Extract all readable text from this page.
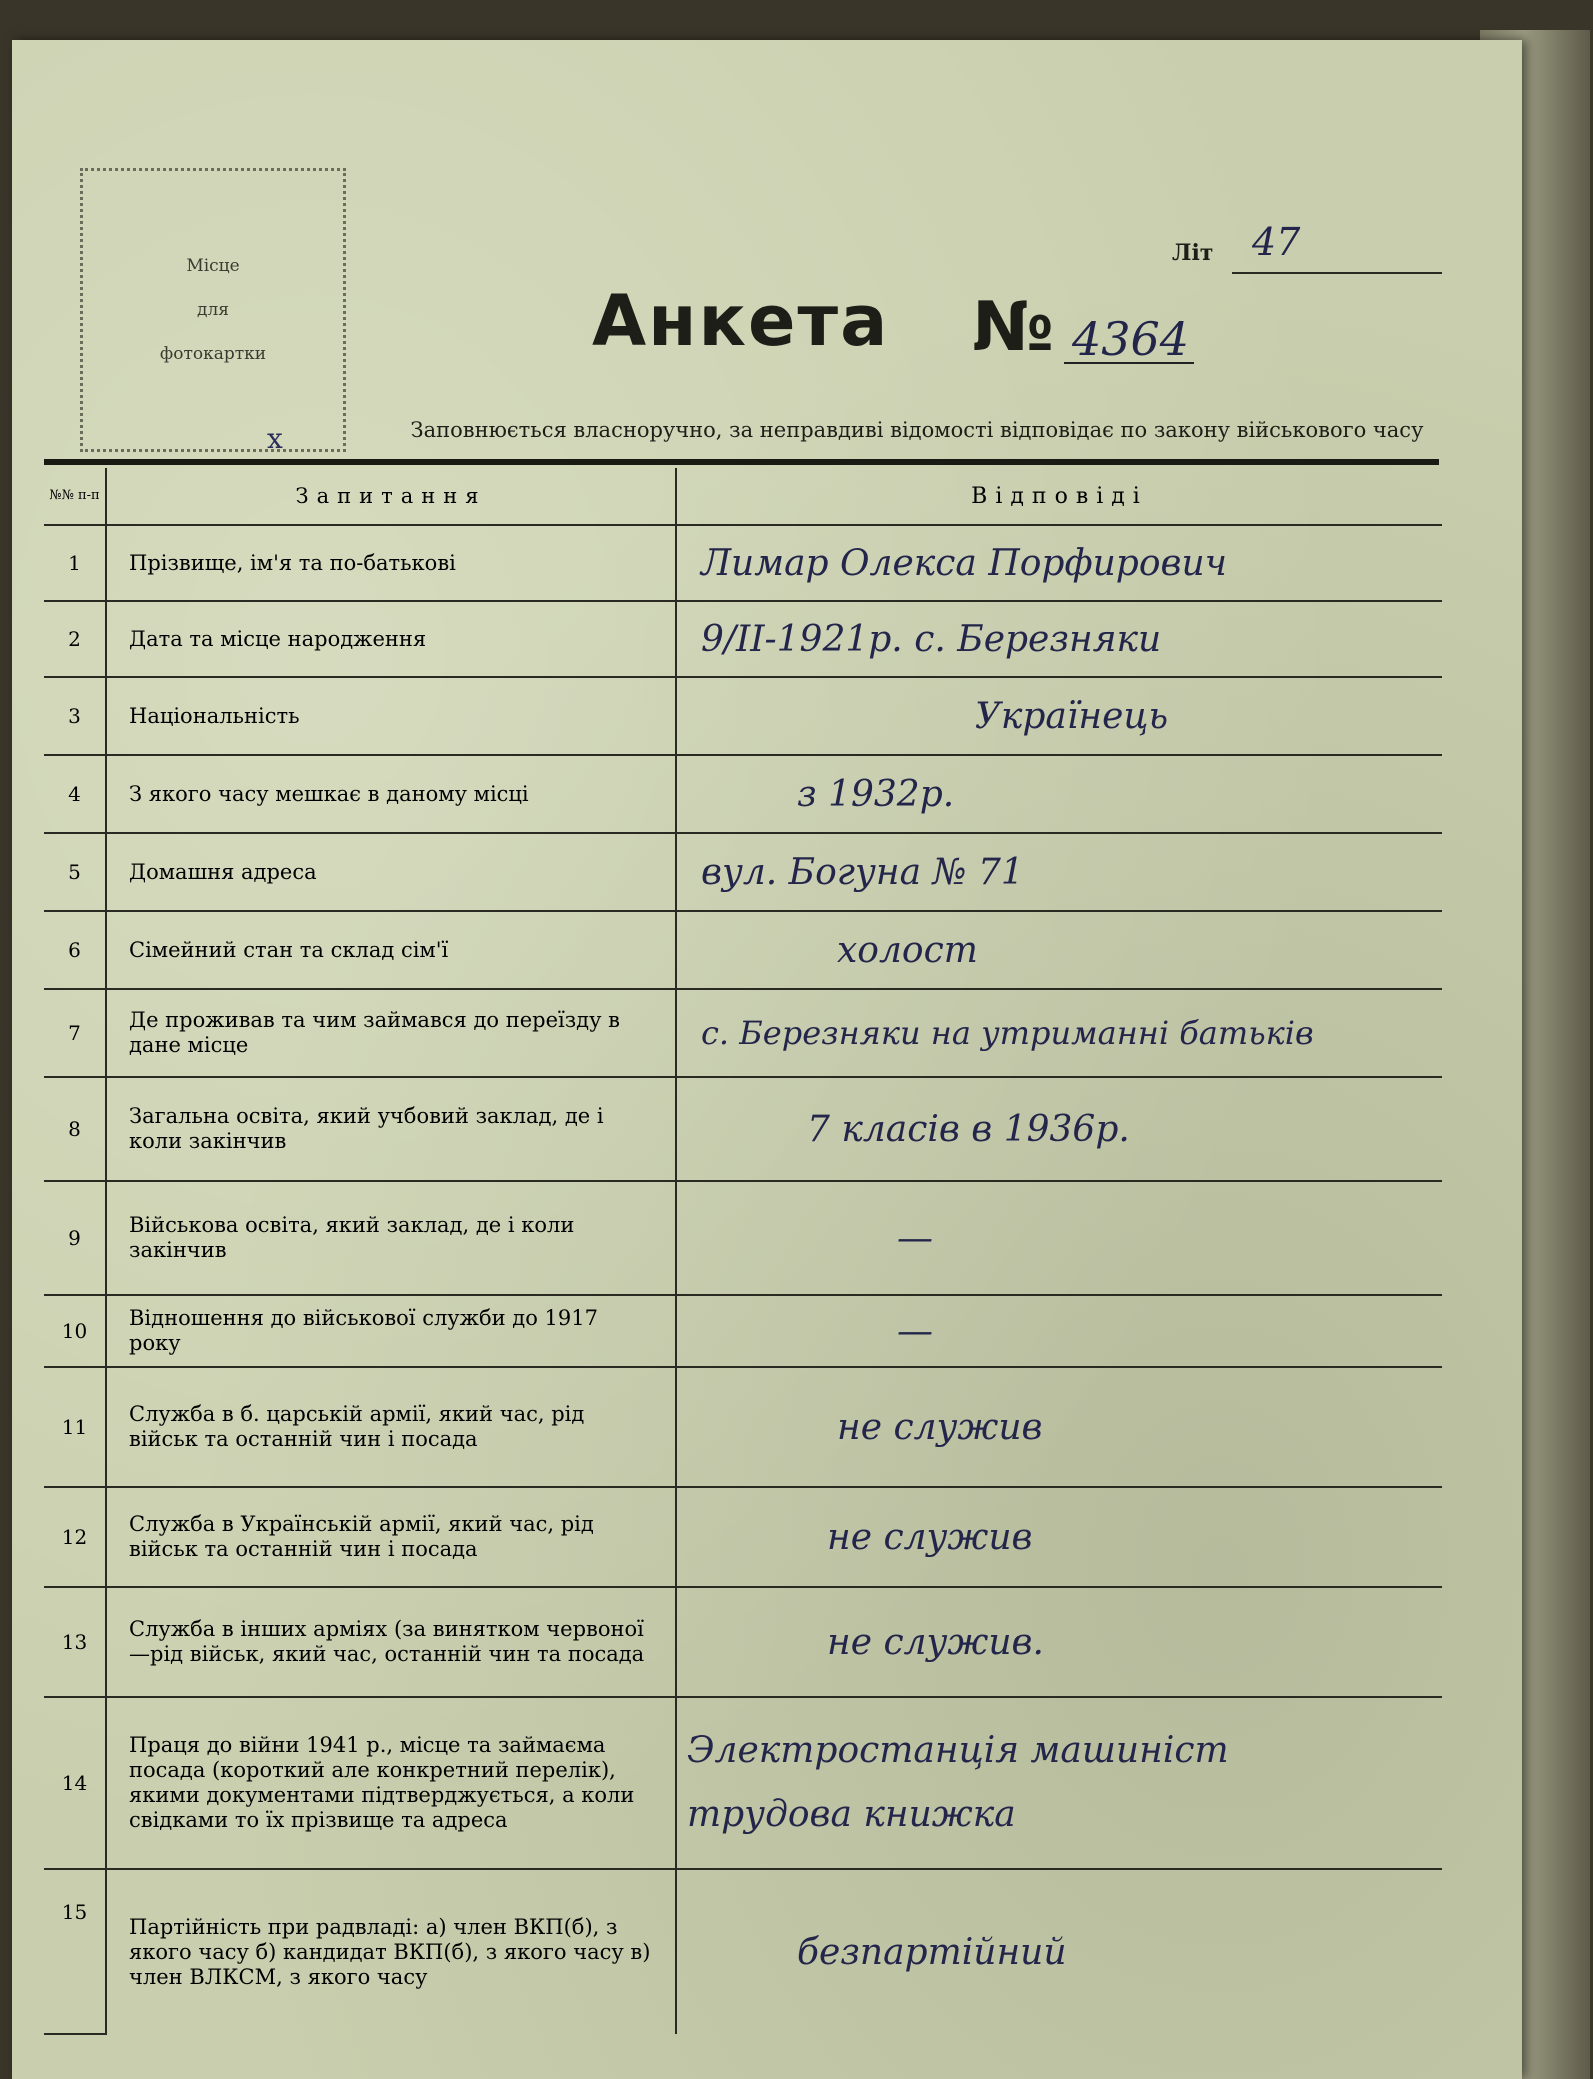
Місце
для
фотокартки
х
Літ 47
Анкета № 4364
Заповнюється власноручно, за неправдиві відомості відповідає по закону військового часу
№№ п-п	Запитання	Відповіді
1	Прізвище, ім'я та по-батькові	Лимар Олекса Порфирович

2	Дата та місце народження	9/ІІ-1921р. с. Березняки

3	Національність	Українець

4	З якого часу мешкає в даному місці	з 1932р.

5	Домашня адреса	вул. Богуна № 71

6	Сімейний стан та склад сім'ї	холост

7	Де проживав та чим займався до переїзду в дане місце	с. Березняки на утриманні батьків

8	Загальна освіта, який учбовий заклад, де і коли закінчив	7 класів в 1936р.

9	Військова освіта, який заклад, де і коли закінчив	—

10	Відношення до військової служби до 1917 року	—

11	Служба в б. царській армії, який час, рід військ та останній чин і посада	не служив

12	Служба в Українській армії, який час, рід військ та останній чин і посада	не служив

13	Служба в інших арміях (за винятком червоної—рід військ, який час, останній чин та посада	не служив.

14	Праця до війни 1941 р., місце та займаєма посада (короткий але конкретний перелік), якими документами підтверджується, а коли свідками то їх прізвище та адреса	Электростанція машиніст
трудова книжка

15	Партійність при радвладі: а) член ВКП(б), з якого часу б) кандидат ВКП(б), з якого часу в) член ВЛКСМ, з якого часу	безпартійний
